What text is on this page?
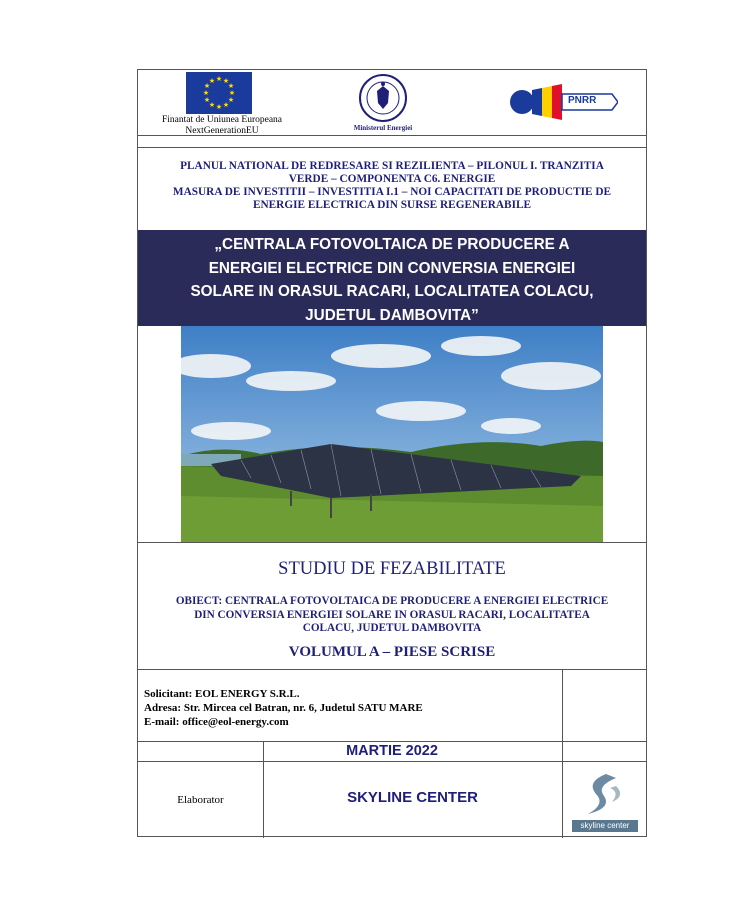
★ ★
★
★
★
★
★
★
★
★
★
★
Finantat de Uniunea Europeana
NextGenerationEU	Ministerul Energiei
PNRR
PLANUL NATIONAL DE REDRESARE SI REZILIENTA – PILONUL I. TRANZITIA
VERDE – COMPONENTA C6. ENERGIE
MASURA DE INVESTITII – INVESTITIA I.1 – NOI CAPACITATI DE PRODUCTIE DE
ENERGIE ELECTRICA DIN SURSE REGENERABILE
„CENTRALA FOTOVOLTAICA DE PRODUCERE A
ENERGIEI ELECTRICE DIN CONVERSIA ENERGIEI
SOLARE IN ORASUL RACARI, LOCALITATEA COLACU,
JUDETUL DAMBOVITA”
STUDIU DE FEZABILITATE
OBIECT: CENTRALA FOTOVOLTAICA DE PRODUCERE A ENERGIEI ELECTRICE
DIN CONVERSIA ENERGIEI SOLARE IN ORASUL RACARI, LOCALITATEA
COLACU, JUDETUL DAMBOVITA
VOLUMUL A – PIESE SCRISE
Solicitant: EOL ENERGY S.R.L.
Adresa: Str. Mircea cel Batran, nr. 6, Judetul SATU MARE
E-mail: office@eol-energy.com
MARTIE 2022
Elaborator	SKYLINE CENTER
skyline center
